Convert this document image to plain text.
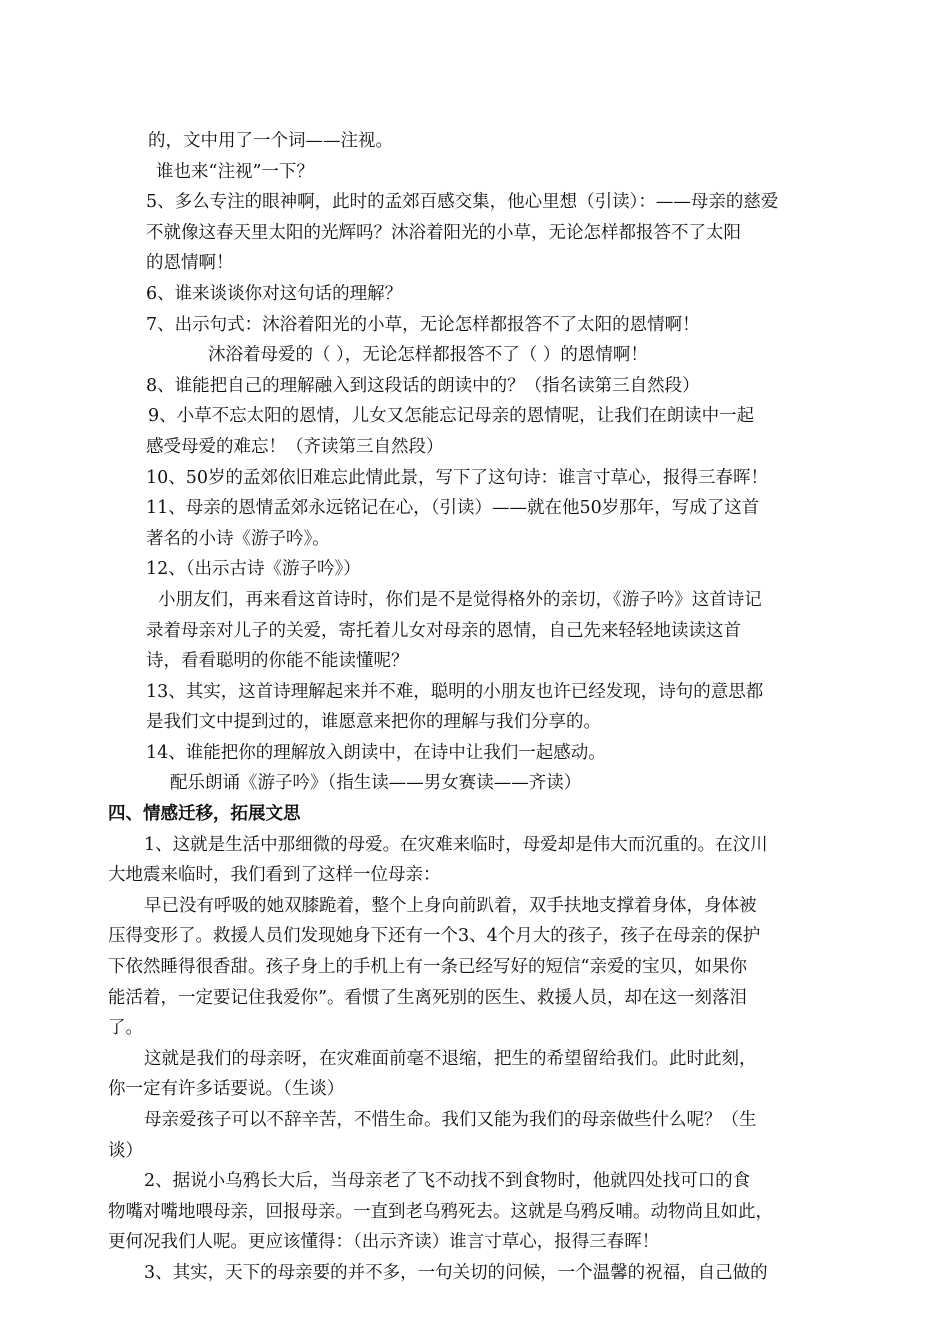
的，文中用了一个词——注视。
谁也来“注视”一下？
5、多么专注的眼神啊，此时的孟郊百感交集，他心里想（引读）：——母亲的慈爱
不就像这春天里太阳的光辉吗？沐浴着阳光的小草，无论怎样都报答不了太阳
的恩情啊！
6、谁来谈谈你对这句话的理解？
7、出示句式：沐浴着阳光的小草，无论怎样都报答不了太阳的恩情啊！
沐浴着母爱的（ ），无论怎样都报答不了（ ）的恩情啊！
8、谁能把自己的理解融入到这段话的朗读中的？（指名读第三自然段）
9、小草不忘太阳的恩情，儿女又怎能忘记母亲的恩情呢，让我们在朗读中一起
感受母爱的难忘！（齐读第三自然段）
10、50岁的孟郊依旧难忘此情此景，写下了这句诗：谁言寸草心，报得三春晖！
11、母亲的恩情孟郊永远铭记在心，（引读）——就在他50岁那年，写成了这首
著名的小诗《游子吟》。
12、（出示古诗《游子吟》）
小朋友们，再来看这首诗时，你们是不是觉得格外的亲切，《游子吟》这首诗记
录着母亲对儿子的关爱，寄托着儿女对母亲的恩情，自己先来轻轻地读读这首
诗，看看聪明的你能不能读懂呢？
13、其实，这首诗理解起来并不难，聪明的小朋友也许已经发现，诗句的意思都
是我们文中提到过的，谁愿意来把你的理解与我们分享的。
14、谁能把你的理解放入朗读中，在诗中让我们一起感动。
配乐朗诵《游子吟》（指生读——男女赛读——齐读）
四、情感迁移，拓展文思
1、这就是生活中那细微的母爱。在灾难来临时，母爱却是伟大而沉重的。在汶川
大地震来临时，我们看到了这样一位母亲：
早已没有呼吸的她双膝跪着，整个上身向前趴着，双手扶地支撑着身体，身体被
压得变形了。救援人员们发现她身下还有一个3、4个月大的孩子，孩子在母亲的保护
下依然睡得很香甜。孩子身上的手机上有一条已经写好的短信“亲爱的宝贝，如果你
能活着，一定要记住我爱你”。看惯了生离死别的医生、救援人员，却在这一刻落泪
了。
这就是我们的母亲呀，在灾难面前毫不退缩，把生的希望留给我们。此时此刻，
你一定有许多话要说。（生谈）
母亲爱孩子可以不辞辛苦，不惜生命。我们又能为我们的母亲做些什么呢？（生
谈）
2、据说小乌鸦长大后，当母亲老了飞不动找不到食物时，他就四处找可口的食
物嘴对嘴地喂母亲，回报母亲。一直到老乌鸦死去。这就是乌鸦反哺。动物尚且如此，
更何况我们人呢。更应该懂得：（出示齐读）谁言寸草心，报得三春晖！
3、其实，天下的母亲要的并不多，一句关切的问候，一个温馨的祝福，自己做的
